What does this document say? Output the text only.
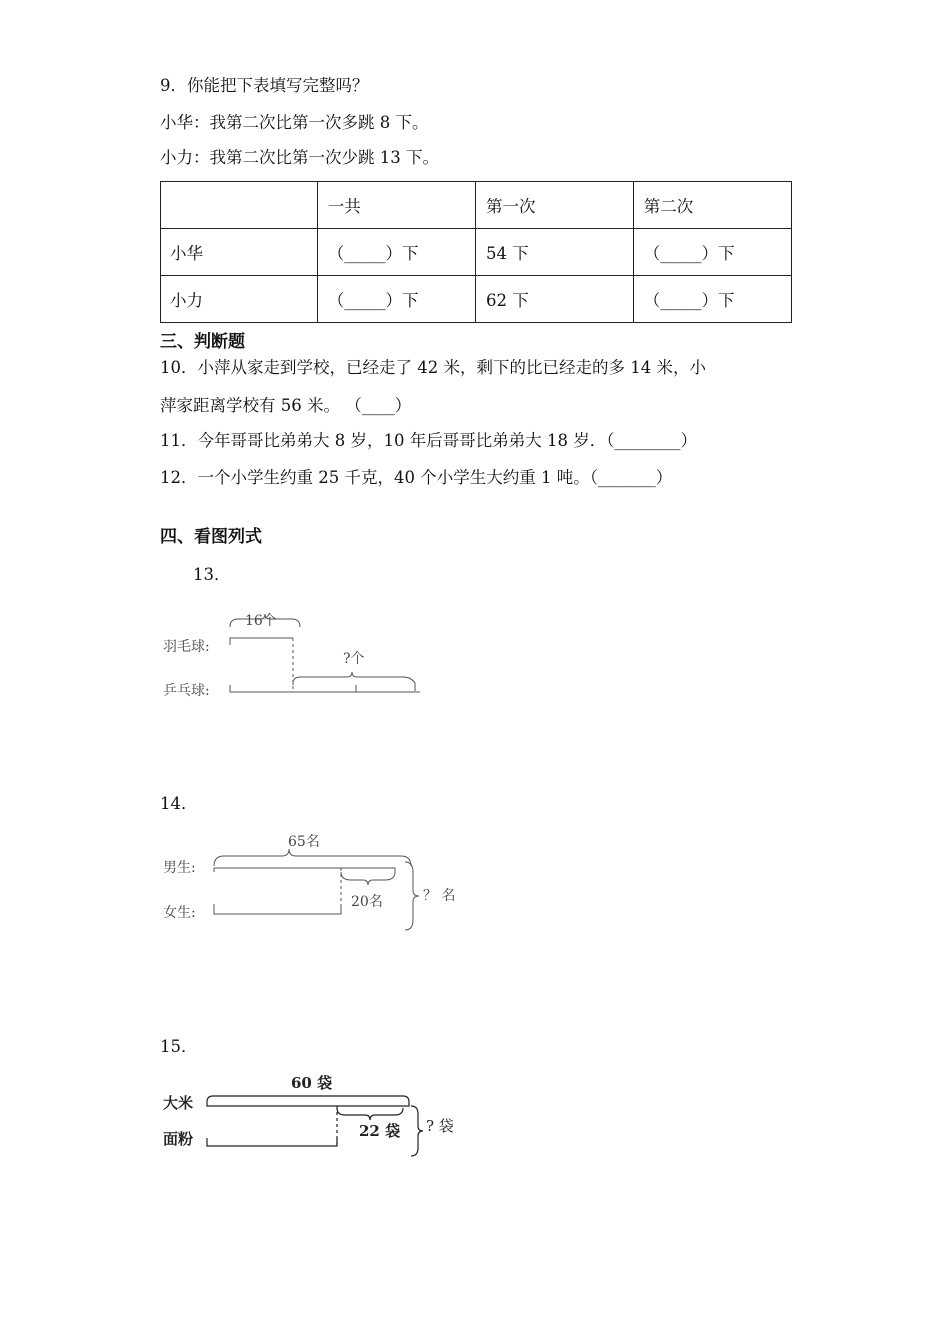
9．你能把下表填写完整吗？
小华：我第二次比第一次多跳 8 下。
小力：我第二次比第一次少跳 13 下。
	一共	第一次	第二次
小华	（_____）下	54 下	（_____）下
小力	（_____）下	62 下	（_____）下
三、判断题
10．小萍从家走到学校，已经走了 42 米，剩下的比已经走的多 14 米，小
萍家距离学校有 56 米。 （____）
11．今年哥哥比弟弟大 8 岁，10 年后哥哥比弟弟大 18 岁．（________）
12．一个小学生约重 25 千克，40 个小学生大约重 1 吨。（_______）
四、看图列式
13．
16个
?个
羽毛球:
乒乓球:
14．
65名
20名	？ 名
男生:
女生:
15．
60 袋
22 袋 ? 袋
大米
面粉
